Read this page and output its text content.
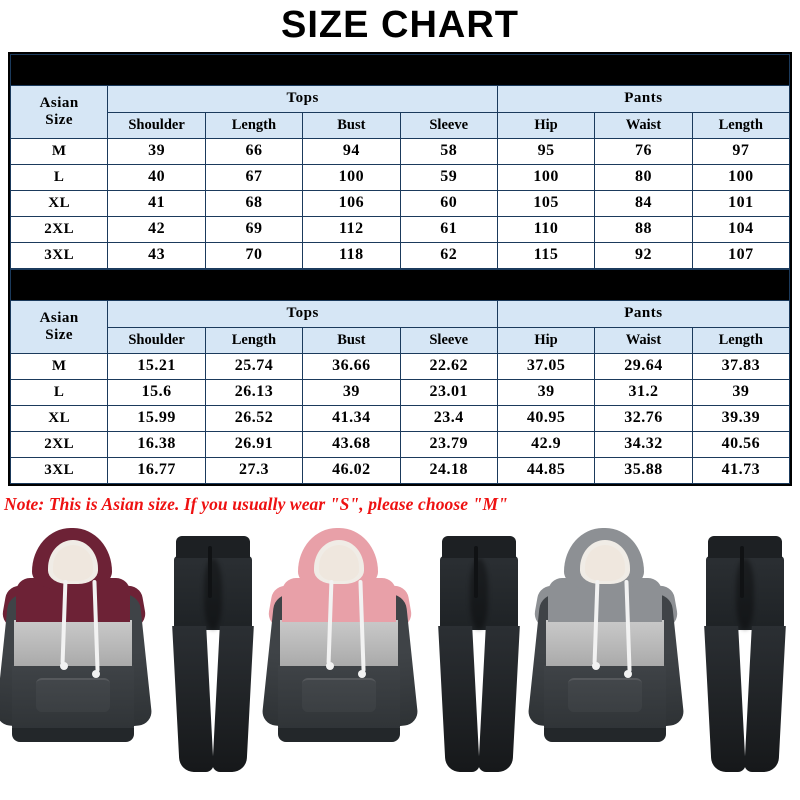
SIZE CHART
Size Chart (Unit: CM)							

Asian
Size	Tops				Pants		
	Shoulder	Length	Bust	Sleeve	Hip	Waist	Length
M	39	66	94	58	95	76	97
L	40	67	100	59	100	80	100
XL	41	68	106	60	105	84	101
2XL	42	69	112	61	110	88	104
3XL	43	70	118	62	115	92	107
Size Chart (Unit: INCH)							

Asian
Size	Tops				Pants		
	Shoulder	Length	Bust	Sleeve	Hip	Waist	Length
M	15.21	25.74	36.66	22.62	37.05	29.64	37.83
L	15.6	26.13	39	23.01	39	31.2	39
XL	15.99	26.52	41.34	23.4	40.95	32.76	39.39
2XL	16.38	26.91	43.68	23.79	42.9	34.32	40.56
3XL	16.77	27.3	46.02	24.18	44.85	35.88	41.73
Note: This is Asian size. If you usually wear "S", please choose "M"
